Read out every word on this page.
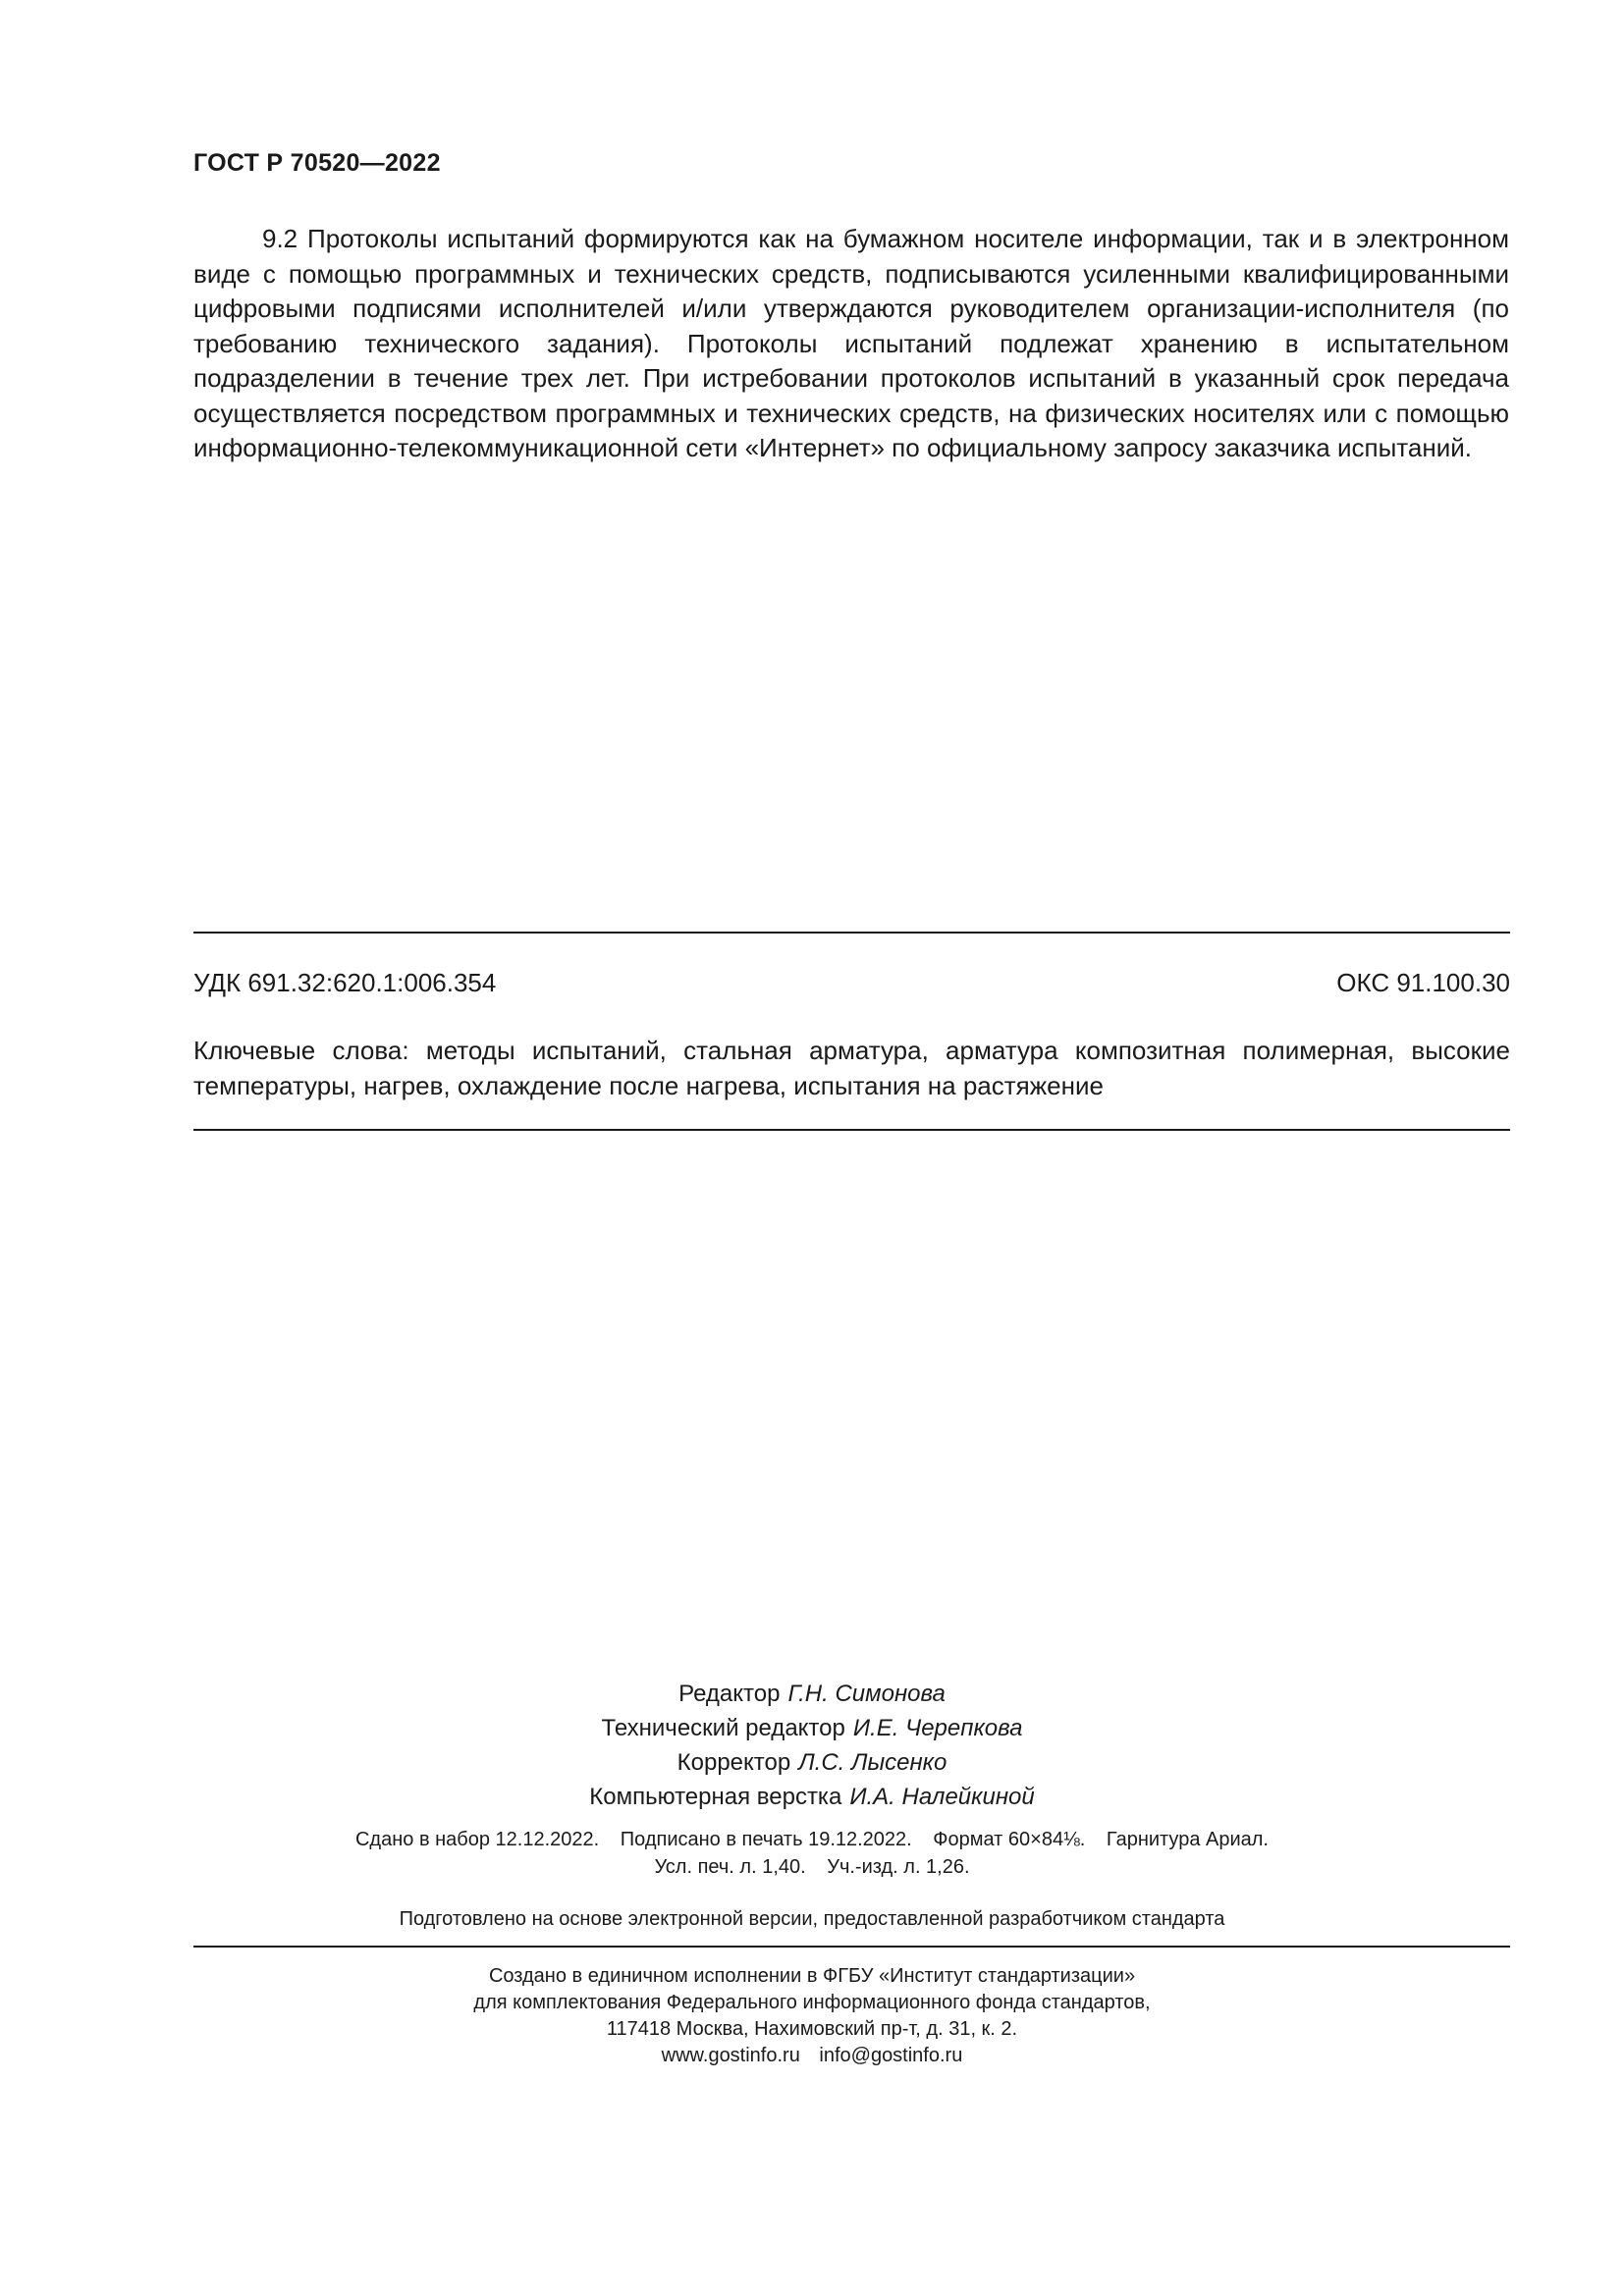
ГОСТ Р 70520—2022

9.2 Протоколы испытаний формируются как на бумажном носителе информации, так и в электронном виде с помощью программных и технических средств, подписываются усиленными квалифицированными цифровыми подписями исполнителей и/или утверждаются руководителем организации-исполнителя (по требованию технического задания). Протоколы испытаний подлежат хранению в испытательном подразделении в течение трех лет. При истребовании протоколов испытаний в указанный срок передача осуществляется посредством программных и технических средств, на физических носителях или с помощью информационно-телекоммуникационной сети «Интернет» по официальному запросу заказчика испытаний.

УДК 691.32:620.1:006.354	ОКС 91.100.30

Ключевые слова: методы испытаний, стальная арматура, арматура композитная полимерная, высокие температуры, нагрев, охлаждение после нагрева, испытания на растяжение

Редактор Г.Н. Симонова
Технический редактор И.Е. Черепкова
Корректор Л.С. Лысенко
Компьютерная верстка И.А. Налейкиной
Сдано в набор 12.12.2022. Подписано в печать 19.12.2022. Формат 60×84⅛. Гарнитура Ариал.
Усл. печ. л. 1,40. Уч.-изд. л. 1,26.
Подготовлено на основе электронной версии, предоставленной разработчиком стандарта
Создано в единичном исполнении в ФГБУ «Институт стандартизации»
для комплектования Федерального информационного фонда стандартов,
117418 Москва, Нахимовский пр-т, д. 31, к. 2.
www.gostinfo.ru info@gostinfo.ru
